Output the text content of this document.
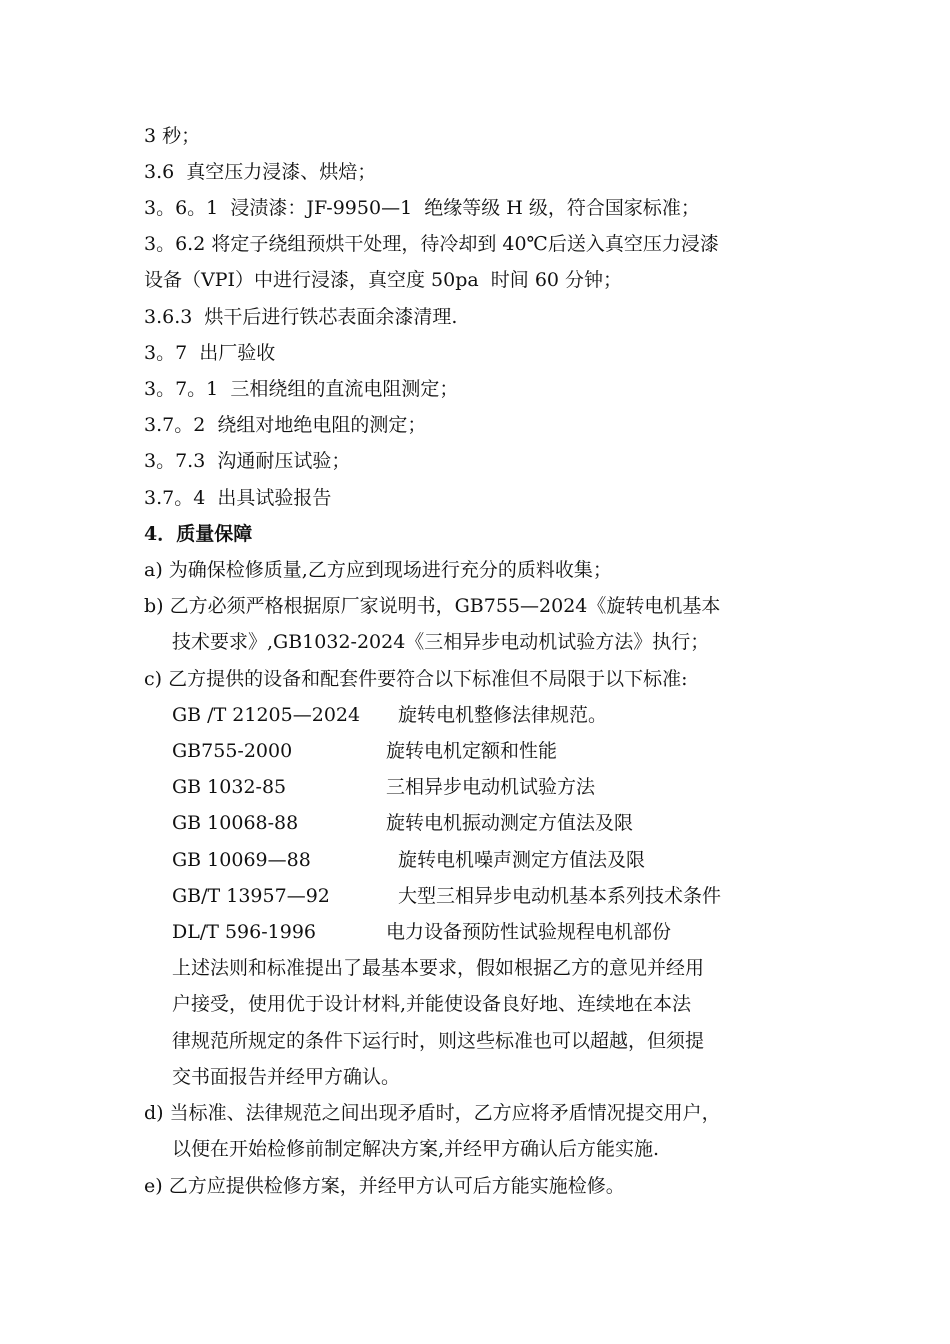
3 秒；
3.6  真空压力浸漆、烘焙；
3。6。1  浸渍漆：JF-9950—1  绝缘等级 H 级，符合国家标准；
3。6.2 将定子绕组预烘干处理，待冷却到 40℃后送入真空压力浸漆
设备（VPI）中进行浸漆，真空度 50pa  时间 60 分钟；
3.6.3  烘干后进行铁芯表面余漆清理.
3。7  出厂验收
3。7。1  三相绕组的直流电阻测定；
3.7。2  绕组对地绝电阻的测定；
3。7.3  沟通耐压试验；
3.7。4  出具试验报告
4．质量保障
a) 为确保检修质量,乙方应到现场进行充分的质料收集；
b) 乙方必须严格根据原厂家说明书，GB755—2024《旋转电机基本
技术要求》,GB1032-2024《三相异步电动机试验方法》执行；
c) 乙方提供的设备和配套件要符合以下标准但不局限于以下标准:
GB /T 21205—2024 旋转电机整修法律规范。
GB755-2000	旋转电机定额和性能
GB 1032-85	三相异步电动机试验方法
GB 10068-88	旋转电机振动测定方值法及限
GB 10069—88	旋转电机噪声测定方值法及限
GB/T 13957—92	大型三相异步电动机基本系列技术条件
DL/T 596-1996	电力设备预防性试验规程电机部份
上述法则和标准提出了最基本要求，假如根据乙方的意见并经用
户接受，使用优于设计材料,并能使设备良好地、连续地在本法
律规范所规定的条件下运行时，则这些标准也可以超越，但须提
交书面报告并经甲方确认。
d) 当标准、法律规范之间出现矛盾时，乙方应将矛盾情况提交用户，
以便在开始检修前制定解决方案,并经甲方确认后方能实施.
e) 乙方应提供检修方案，并经甲方认可后方能实施检修。
